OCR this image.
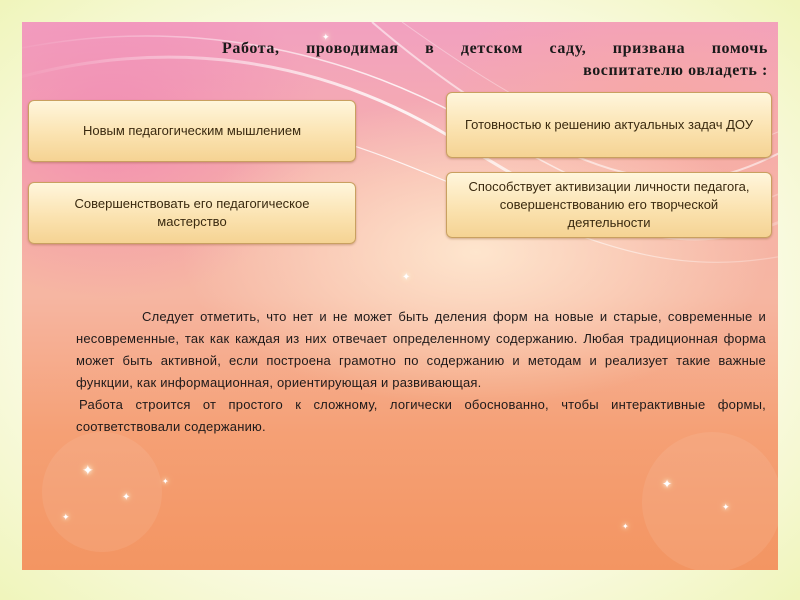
✦
✦
✦
✦
✦
✦
✦
✦
✦
Работа, проводимая в детском саду, призвана помочь
воспитателю овладеть :
Новым педагогическим мышлением	Готовностью к решению актуальных задач ДОУ
Совершенствовать его педагогическое мастерство
Способствует активизации личности педагога, совершенствованию его творческой деятельности

Следует отметить, что нет и не может быть деления форм на новые и старые, современные и несовременные, так как каждая из них отвечает определенному содержанию. Любая традиционная форма может быть активной, если построена грамотно по содержанию и методам и реализует такие важные функции, как информационная, ориентирующая и развивающая.

Работа строится от простого к сложному, логически обоснованно, чтобы интерактивные формы, соответствовали содержанию.
